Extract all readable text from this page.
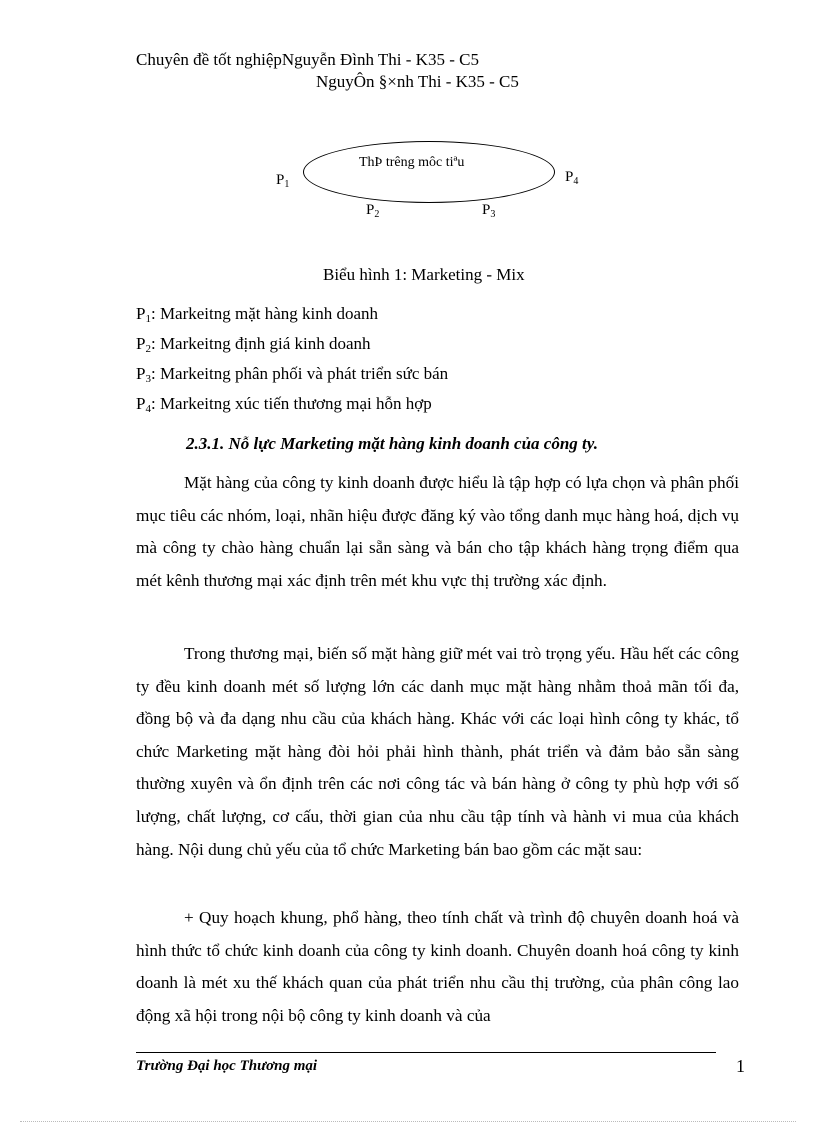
Chuyên đề tốt nghiệpNguyễn Đình Thi - K35 - C5
NguyÔn §×nh Thi - K35 - C5
ThÞ trêng môc tiªu
$P_1$
$P_2$	$P_3$
$P_4$
Biểu hình 1: Marketing - Mix
$P_1$: Markeitng mặt hàng kinh doanh
$P_2$: Markeitng định giá kinh doanh
$P_3$: Markeitng phân phối và phát triển sức bán
$P_4$: Markeitng xúc tiến thương mại hỗn hợp
2.3.1. Nỗ lực Marketing mặt hàng kinh doanh của công ty.

Mặt hàng của công ty kinh doanh được hiểu là tập hợp có lựa chọn và phân phối mục tiêu các nhóm, loại, nhãn hiệu được đăng ký vào tổng danh mục hàng hoá, dịch vụ mà công ty chào hàng chuẩn lại sẵn sàng và bán cho tập khách hàng trọng điểm qua mét kênh thương mại xác định trên mét khu vực thị trường xác định.

Trong thương mại, biến số mặt hàng giữ mét vai trò trọng yếu. Hầu hết các công ty đều kinh doanh mét số lượng lớn các danh mục mặt hàng nhằm thoả mãn tối đa, đồng bộ và đa dạng nhu cầu của khách hàng. Khác với các loại hình công ty khác, tổ chức Marketing mặt hàng đòi hỏi phải hình thành, phát triển và đảm bảo sẵn sàng thường xuyên và ổn định trên các nơi công tác và bán hàng ở công ty phù hợp với số lượng, chất lượng, cơ cấu, thời gian của nhu cầu tập tính và hành vi mua của khách hàng. Nội dung chủ yếu của tổ chức Marketing bán bao gồm các mặt sau:

+ Quy hoạch khung, phổ hàng, theo tính chất và trình độ chuyên doanh hoá và hình thức tổ chức kinh doanh của công ty kinh doanh. Chuyên doanh hoá công ty kinh doanh là mét xu thế khách quan của phát triển nhu cầu thị trường, của phân công lao động xã hội trong nội bộ công ty kinh doanh và của

Trường Đại học Thương mại	1
